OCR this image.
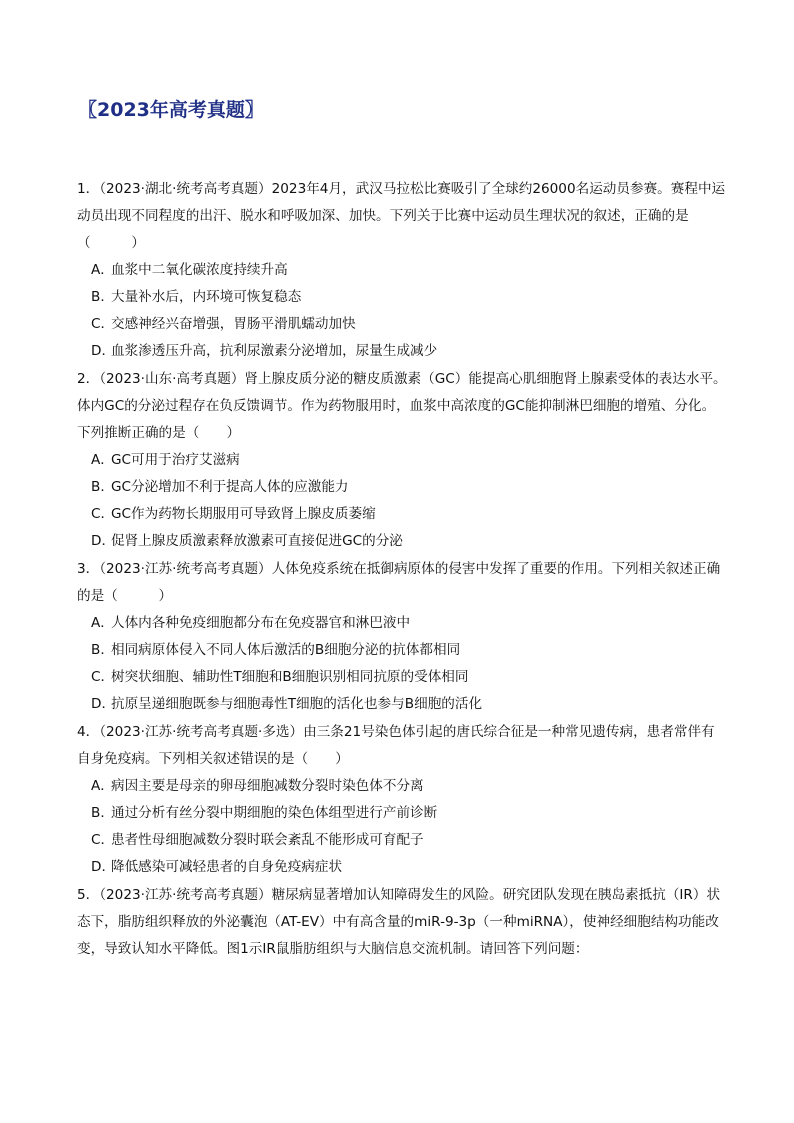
〖2023年高考真题〗

1．（2023·湖北·统考高考真题）2023年4月，武汉马拉松比赛吸引了全球约26000名运动员参赛。赛程中运

动员出现不同程度的出汗、脱水和呼吸加深、加快。下列关于比赛中运动员生理状况的叙述，正确的是

（　　　）

A．血浆中二氧化碳浓度持续升高
B．大量补水后，内环境可恢复稳态
C．交感神经兴奋增强，胃肠平滑肌蠕动加快
D．血浆渗透压升高，抗利尿激素分泌增加，尿量生成减少

2．（2023·山东·高考真题）肾上腺皮质分泌的糖皮质激素（GC）能提高心肌细胞肾上腺素受体的表达水平。

体内GC的分泌过程存在负反馈调节。作为药物服用时，血浆中高浓度的GC能抑制淋巴细胞的增殖、分化。

下列推断正确的是（　　）

A．GC可用于治疗艾滋病
B．GC分泌增加不利于提高人体的应激能力
C．GC作为药物长期服用可导致肾上腺皮质萎缩
D．促肾上腺皮质激素释放激素可直接促进GC的分泌

3．（2023·江苏·统考高考真题）人体免疫系统在抵御病原体的侵害中发挥了重要的作用。下列相关叙述正确

的是（　　　）

A．人体内各种免疫细胞都分布在免疫器官和淋巴液中
B．相同病原体侵入不同人体后激活的B细胞分泌的抗体都相同
C．树突状细胞、辅助性T细胞和B细胞识别相同抗原的受体相同
D．抗原呈递细胞既参与细胞毒性T细胞的活化也参与B细胞的活化

4．（2023·江苏·统考高考真题·多选）由三条21号染色体引起的唐氏综合征是一种常见遗传病，患者常伴有

自身免疫病。下列相关叙述错误的是（　　）

A．病因主要是母亲的卵母细胞减数分裂时染色体不分离
B．通过分析有丝分裂中期细胞的染色体组型进行产前诊断
C．患者性母细胞减数分裂时联会紊乱不能形成可育配子
D．降低感染可减轻患者的自身免疫病症状

5．（2023·江苏·统考高考真题）糖尿病显著增加认知障碍发生的风险。研究团队发现在胰岛素抵抗（IR）状

态下，脂肪组织释放的外泌囊泡（AT-EV）中有高含量的miR-9-3p（一种miRNA），使神经细胞结构功能改

变，导致认知水平降低。图1示IR鼠脂肪组织与大脑信息交流机制。请回答下列问题：
